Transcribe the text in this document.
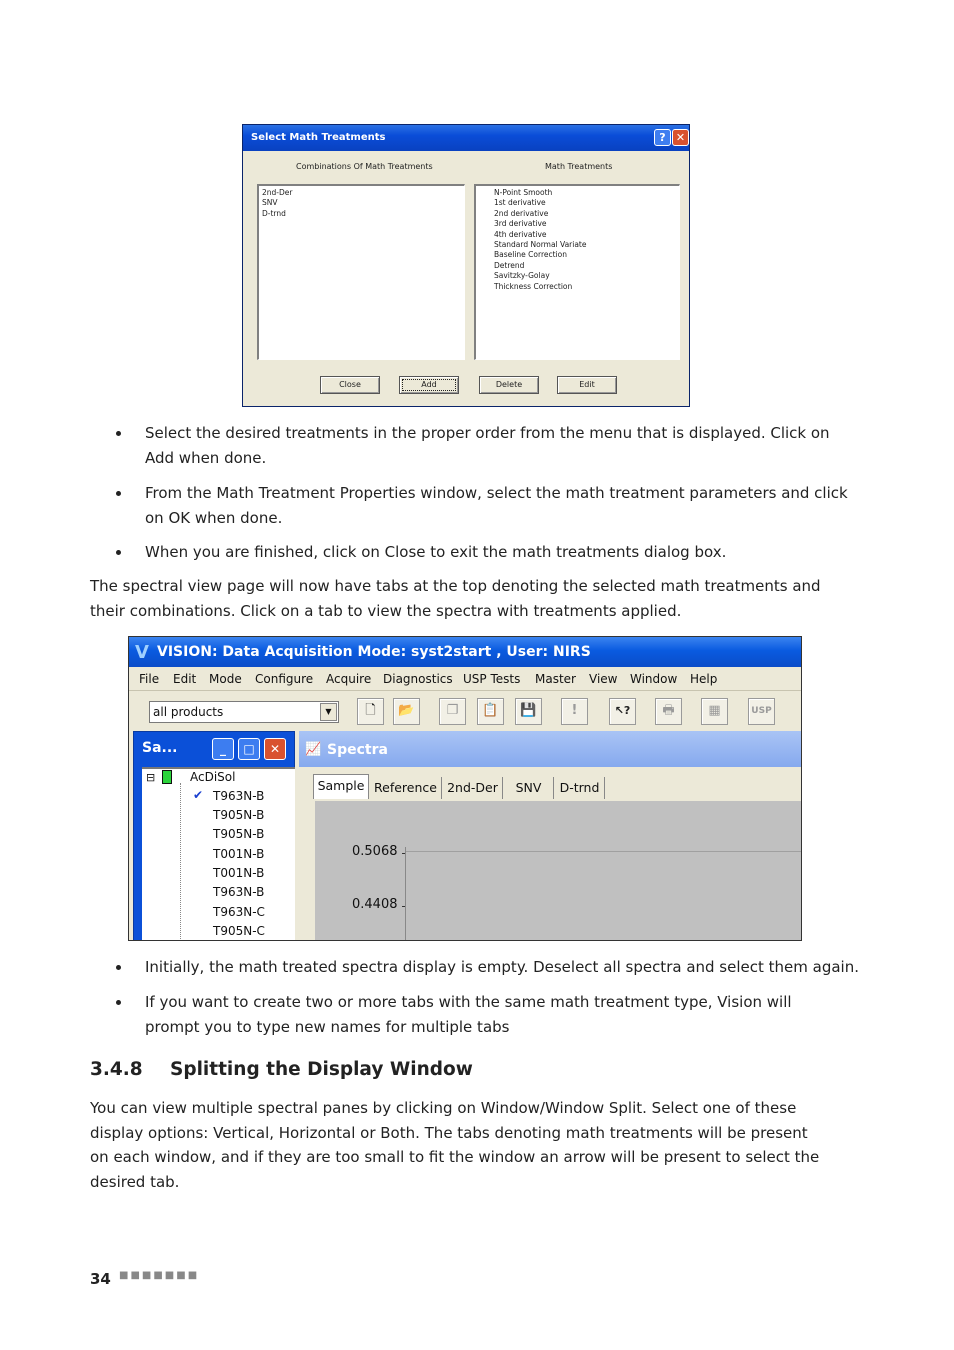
Select Math Treatments	? ✕
Combinations Of Math Treatments	Math Treatments
2nd-Der
SNV
D-trnd
N-Point Smooth
1st derivative
2nd derivative
3rd derivative
4th derivative
Standard Normal Variate
Baseline Correction
Detrend
Savitzky-Golay
Thickness Correction
Close	Add	Delete	Edit
Select the desired treatments in the proper order from the menu that is displayed. Click on Add when done.
From the Math Treatment Properties window, select the math treatment parameters and click on OK when done.
When you are finished, click on Close to exit the math treatments dialog box.
The spectral view page will now have tabs at the top denoting the selected math treatments and their combinations. Click on a tab to view the spectra with treatments applied.
V VISION: Data Acquisition Mode: syst2start , User: NIRS
File Edit Mode Configure Acquire Diagnostics USP Tests Master View Window Help
all products	▼	🗋	📂	❐	📋	💾	!	↖?	🖶	▦	USP
Sa...	_	□	✕
⊟	AcDiSol
✔ T963N-B
T905N-B
T905N-B
T001N-B
T001N-B
T963N-B
T963N-C
T905N-C
📈 Spectra
Sample Reference 2nd-Der	SNV	D-trnd
0.5068
0.4408
Initially, the math treated spectra display is empty. Deselect all spectra and select them again.
If you want to create two or more tabs with the same math treatment type, Vision will prompt you to type new names for multiple tabs
3.4.8 Splitting the Display Window
You can view multiple spectral panes by clicking on Window/Window Split. Select one of these display options: Vertical, Horizontal or Both. The tabs denoting math treatments will be present on each window, and if they are too small to fit the window an arrow will be present to select the desired tab.
34 ■■■■■■■
